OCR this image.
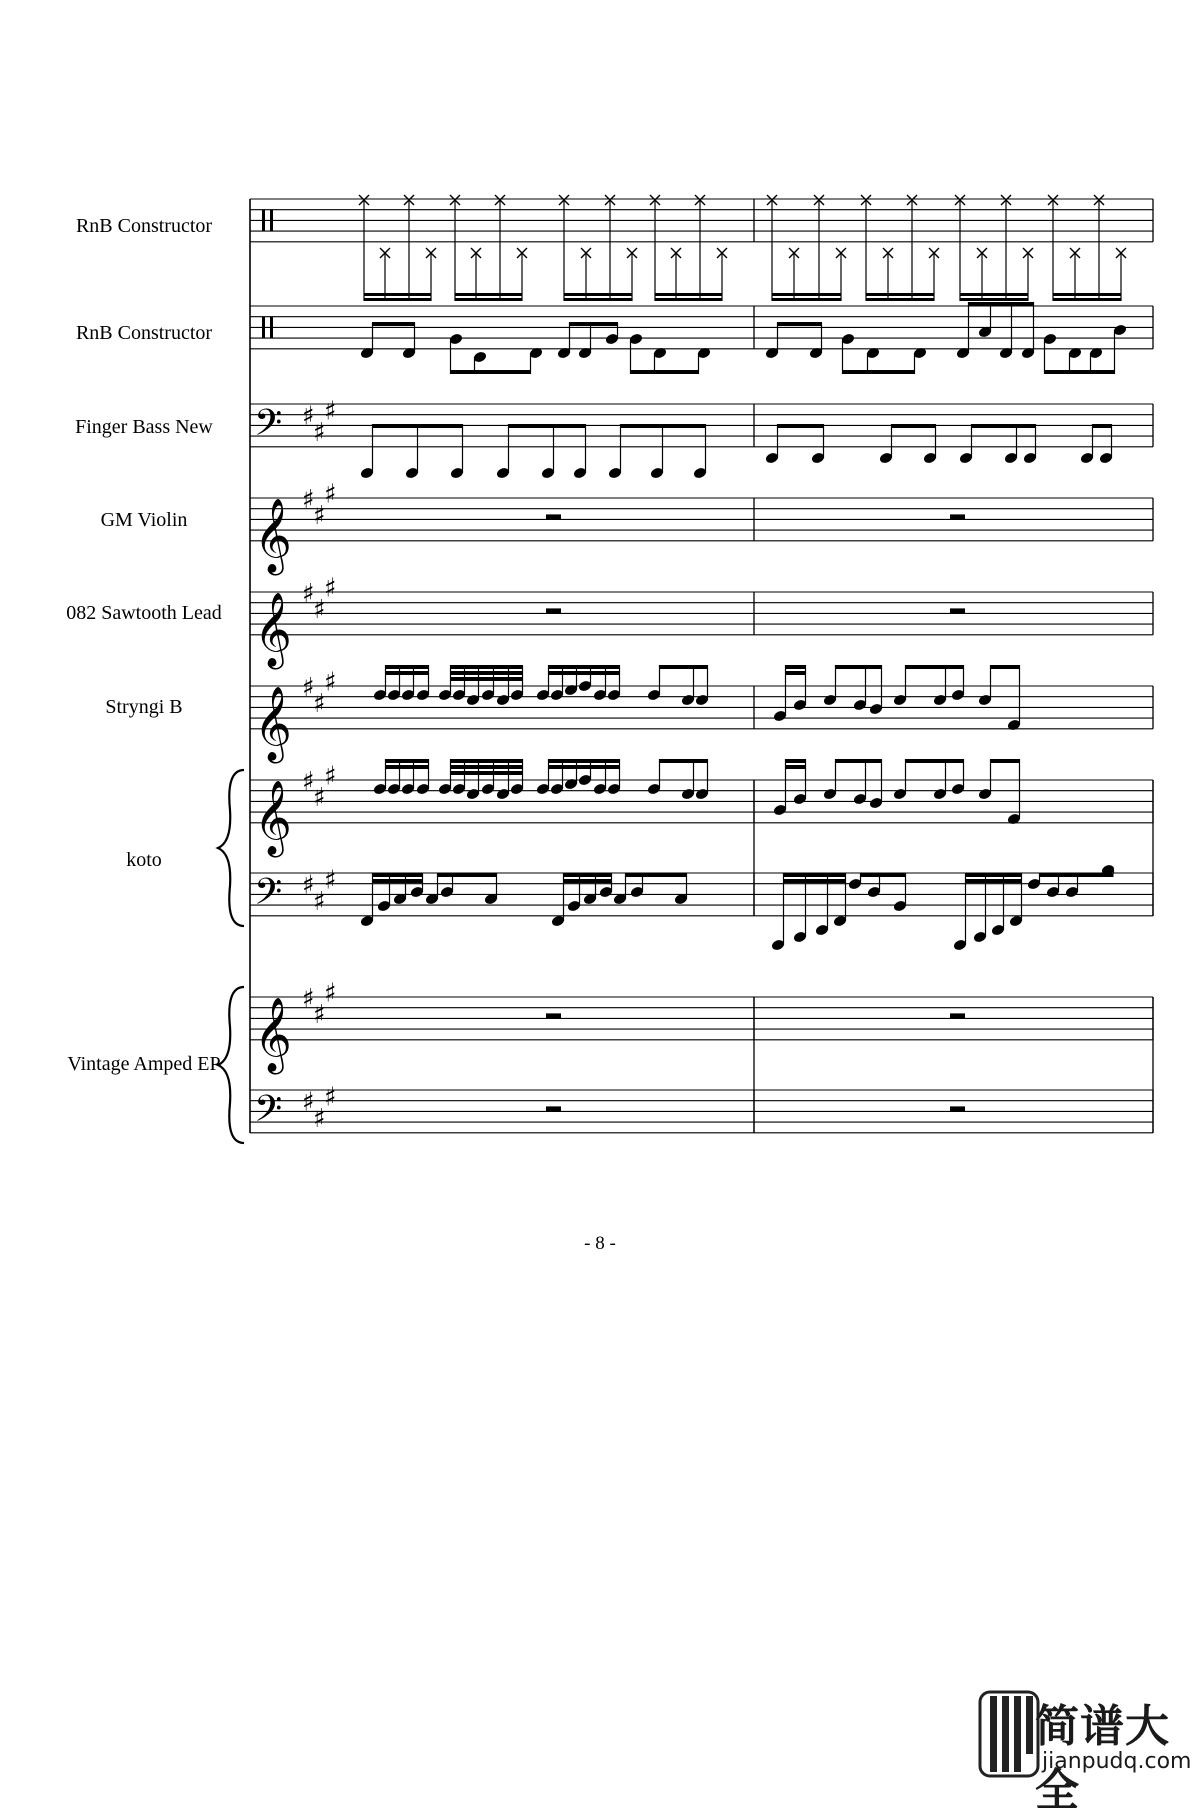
𝄢 ♯
♯
♯
𝄞 ♯
♯
♯
𝄞 ♯
♯
♯
𝄞 ♯
♯
♯
𝄞 ♯
♯
♯
𝄢 ♯
♯
♯
𝄞 ♯
♯
♯
𝄢 ♯
♯
♯
RnB Constructor
RnB Constructor
Finger Bass New
GM Violin
082 Sawtooth Lead
Stryngi B
koto
Vintage Amped EP
- 8 -
简谱大全
jianpudq.com
